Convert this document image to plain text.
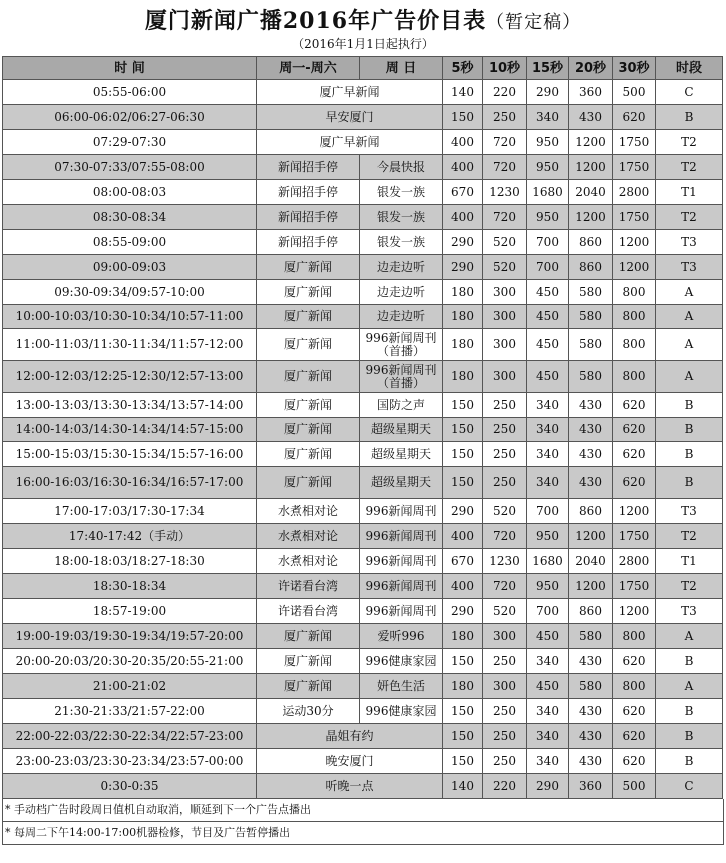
厦门新闻广播2016年广告价目表（暂定稿）
（2016年1月1日起执行）
时 间	周一-周六	周 日	5秒	10秒	15秒	20秒	30秒	时段
05:55-06:00	厦广早新闻		140	220	290	360	500	C
06:00-06:02/06:27-06:30	早安厦门		150	250	340	430	620	B
07:29-07:30	厦广早新闻		400	720	950	1200	1750	T2
07:30-07:33/07:55-08:00	新闻招手停	今晨快报	400	720	950	1200	1750	T2
08:00-08:03	新闻招手停	银发一族	670	1230	1680	2040	2800	T1
08:30-08:34	新闻招手停	银发一族	400	720	950	1200	1750	T2
08:55-09:00	新闻招手停	银发一族	290	520	700	860	1200	T3
09:00-09:03	厦广新闻	边走边听	290	520	700	860	1200	T3
09:30-09:34/09:57-10:00	厦广新闻	边走边听	180	300	450	580	800	A
10:00-10:03/10:30-10:34/10:57-11:00	厦广新闻	边走边听	180	300	450	580	800	A
11:00-11:03/11:30-11:34/11:57-12:00	厦广新闻	996新闻周刊（首播）	180	300	450	580	800	A
12:00-12:03/12:25-12:30/12:57-13:00	厦广新闻	996新闻周刊（首播）	180	300	450	580	800	A
13:00-13:03/13:30-13:34/13:57-14:00	厦广新闻	国防之声	150	250	340	430	620	B
14:00-14:03/14:30-14:34/14:57-15:00	厦广新闻	超级星期天	150	250	340	430	620	B
15:00-15:03/15:30-15:34/15:57-16:00	厦广新闻	超级星期天	150	250	340	430	620	B
16:00-16:03/16:30-16:34/16:57-17:00	厦广新闻	超级星期天	150	250	340	430	620	B
17:00-17:03/17:30-17:34	水煮相对论	996新闻周刊	290	520	700	860	1200	T3
17:40-17:42（手动）	水煮相对论	996新闻周刊	400	720	950	1200	1750	T2
18:00-18:03/18:27-18:30	水煮相对论	996新闻周刊	670	1230	1680	2040	2800	T1
18:30-18:34	许诺看台湾	996新闻周刊	400	720	950	1200	1750	T2
18:57-19:00	许诺看台湾	996新闻周刊	290	520	700	860	1200	T3
19:00-19:03/19:30-19:34/19:57-20:00	厦广新闻	爱听996	180	300	450	580	800	A
20:00-20:03/20:30-20:35/20:55-21:00	厦广新闻	996健康家园	150	250	340	430	620	B
21:00-21:02	厦广新闻	妍色生活	180	300	450	580	800	A
21:30-21:33/21:57-22:00	运动30分	996健康家园	150	250	340	430	620	B
22:00-22:03/22:30-22:34/22:57-23:00	晶姐有约		150	250	340	430	620	B
23:00-23:03/23:30-23:34/23:57-00:00	晚安厦门		150	250	340	430	620	B
0:30-0:35	听晚一点		140	220	290	360	500	C
* 手动档广告时段周日值机自动取消，顺延到下一个广告点播出
* 每周二下午14:00-17:00机器检修，节目及广告暂停播出
